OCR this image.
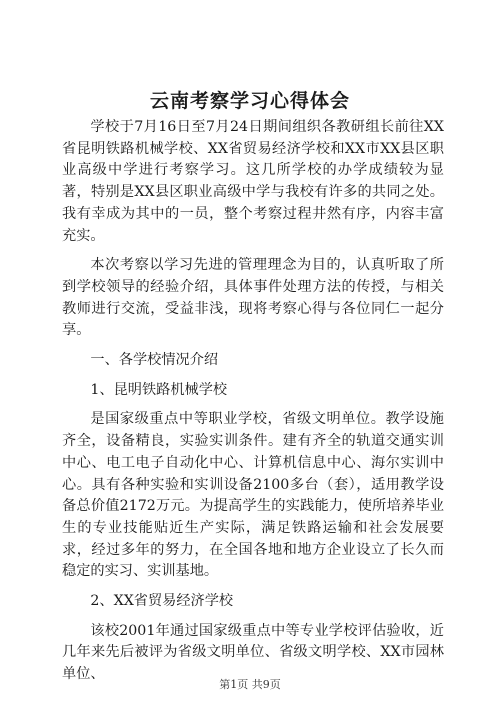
云南考察学习心得体会

学校于7月16日至7月24日期间组织各教研组长前往XX省昆明铁路机械学校、XX省贸易经济学校和XX市XX县区职业高级中学进行考察学习。这几所学校的办学成绩较为显著，特别是XX县区职业高级中学与我校有许多的共同之处。我有幸成为其中的一员，整个考察过程井然有序，内容丰富充实。

本次考察以学习先进的管理理念为目的，认真听取了所到学校领导的经验介绍，具体事件处理方法的传授，与相关教师进行交流，受益非浅，现将考察心得与各位同仁一起分享。

一、各学校情况介绍

1、昆明铁路机械学校

是国家级重点中等职业学校，省级文明单位。教学设施齐全，设备精良，实验实训条件。建有齐全的轨道交通实训中心、电工电子自动化中心、计算机信息中心、海尔实训中心。具有各种实验和实训设备2100多台（套），适用教学设备总价值2172万元。为提高学生的实践能力，使所培养毕业生的专业技能贴近生产实际，满足铁路运输和社会发展要求，经过多年的努力，在全国各地和地方企业设立了长久而稳定的实习、实训基地。

2、XX省贸易经济学校

该校2001年通过国家级重点中等专业学校评估验收，近几年来先后被评为省级文明单位、省级文明学校、XX市园林单位、

第1页 共9页
